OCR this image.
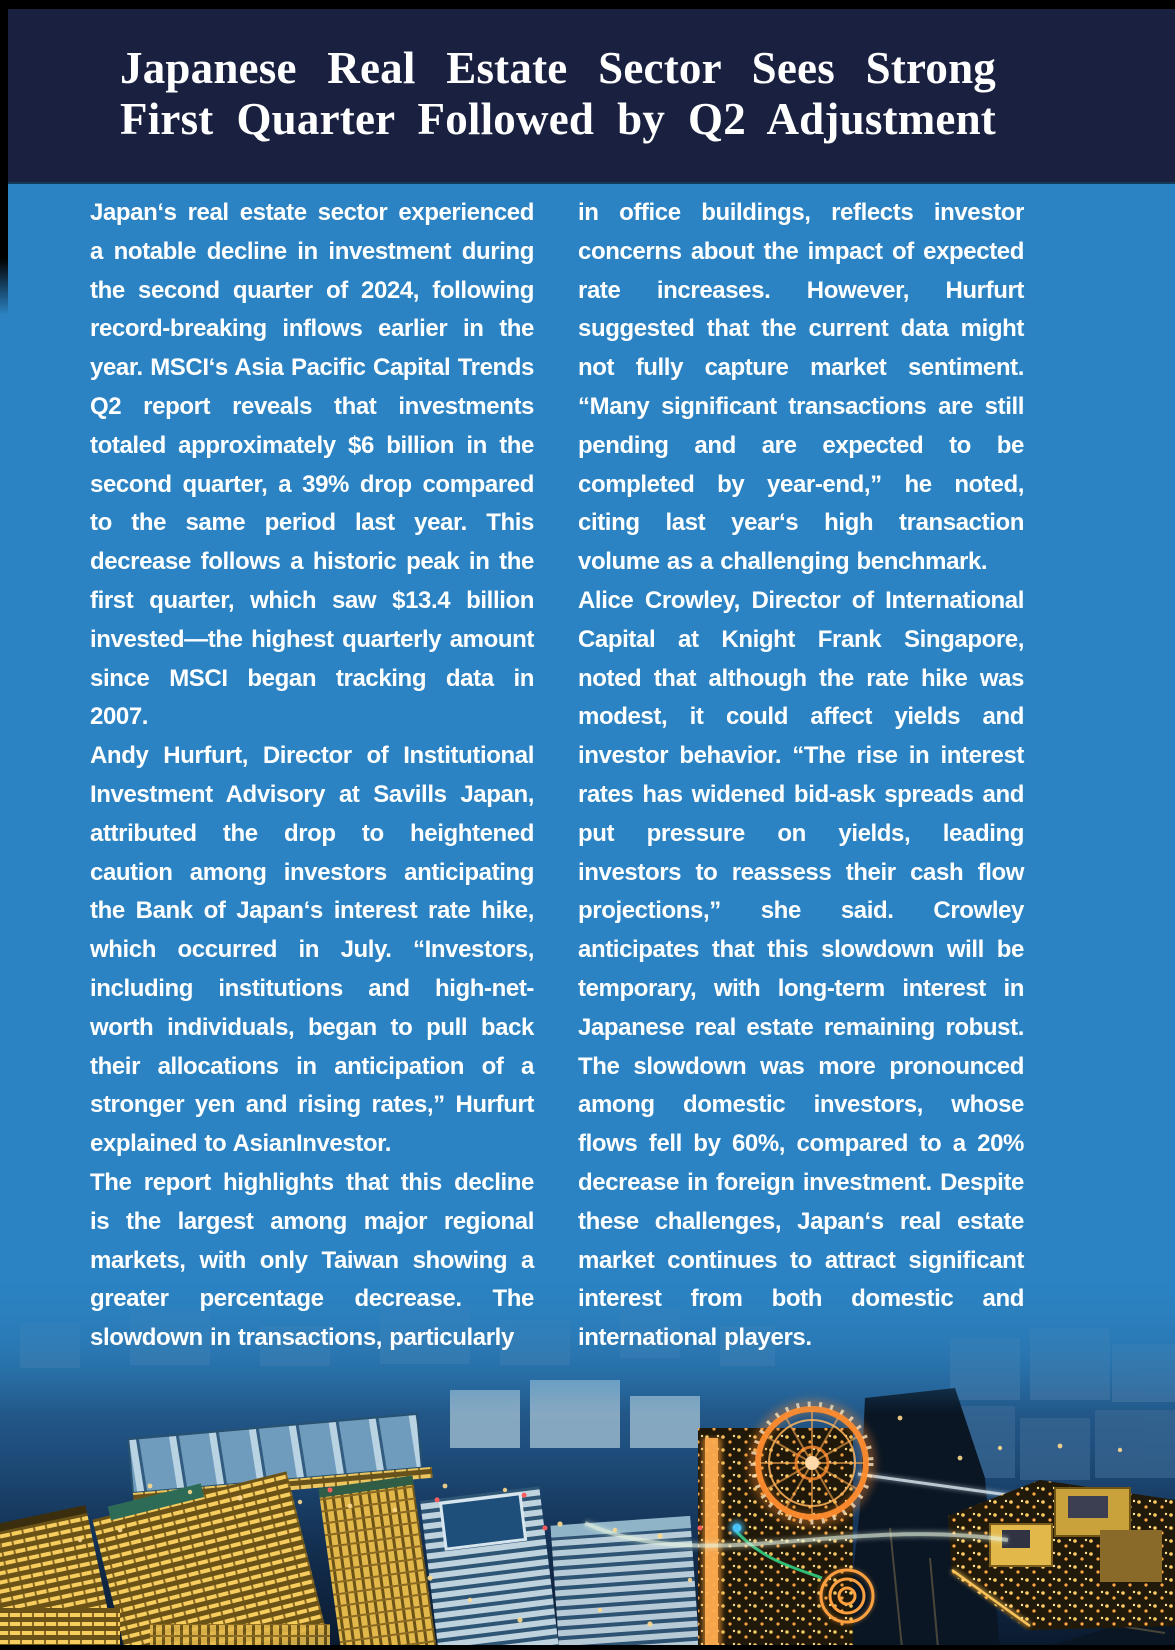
Japanese Real Estate Sector Sees Strong
First Quarter Followed by Q2 Adjustment

Japan‘s real estate sector experienced a notable decline in investment during the second quarter of 2024, following record-breaking inflows earlier in the year. MSCI‘s Asia Pacific Capital Trends Q2 report reveals that investments totaled approximately $6 billion in the second quarter, a 39% drop compared to the same period last year. This decrease follows a historic peak in the first quarter, which saw $13.4 billion invested—the highest quarterly amount since MSCI began tracking data in 2007.

Andy Hurfurt, Director of Institutional Investment Advisory at Savills Japan, attributed the drop to heightened caution among investors anticipating the Bank of Japan‘s interest rate hike, which occurred in July. “Investors, including institutions and high-net-worth individuals, began to pull back their allocations in anticipation of a stronger yen and rising rates,” Hurfurt explained to AsianInvestor.

The report highlights that this decline is the largest among major regional markets, with only Taiwan showing a greater percentage decrease. The slowdown in transactions, particularly

in office buildings, reflects investor concerns about the impact of expected rate increases. However, Hurfurt suggested that the current data might not fully capture market sentiment. “Many significant transactions are still pending and are expected to be completed by year-end,” he noted, citing last year‘s high transaction volume as a challenging benchmark.

Alice Crowley, Director of International Capital at Knight Frank Singapore, noted that although the rate hike was modest, it could affect yields and investor behavior. “The rise in interest rates has widened bid-ask spreads and put pressure on yields, leading investors to reassess their cash flow projections,” she said. Crowley anticipates that this slowdown will be temporary, with long-term interest in Japanese real estate remaining robust. The slowdown was more pronounced among domestic investors, whose flows fell by 60%, compared to a 20% decrease in foreign investment. Despite these challenges, Japan‘s real estate market continues to attract significant interest from both domestic and international players.
